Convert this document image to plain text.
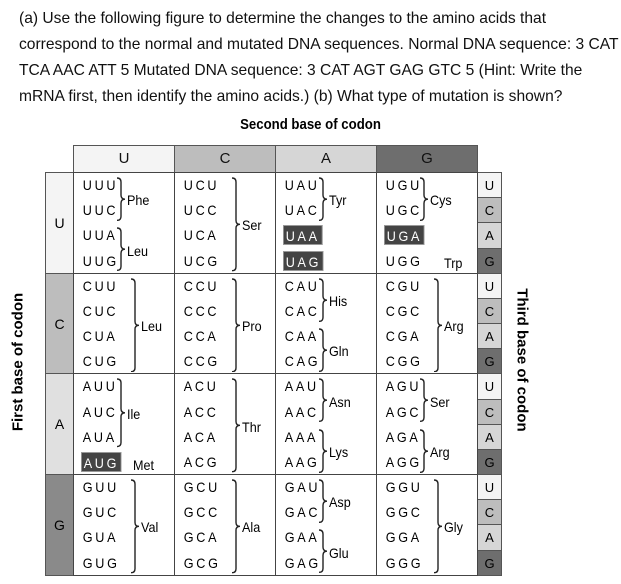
(a) Use the following figure to determine the changes to the amino acids that correspond to the normal and mutated DNA sequences. Normal DNA sequence: 3 CAT TCA AAC ATT 5 Mutated DNA sequence: 3 CAT AGT GAG GTC 5 (Hint: Write the mRNA first, then identify the amino acids.) (b) What type of mutation is shown?
Second base of codon
First base of codon	Third base of codon
U
U
U
C
A
G
C
C
U
C
A
G
A
A
U
C
A
G
G
G
U
C
A
G
UUU
UUC
UUA
UUG
Phe
Leu
UCU
UCC
UCA
UCG
Ser
UAU
UAC
UAA
UAG
Tyr
UGU
UGC
UGA
UGG
Cys
Trp
CUU
CUC
CUA
CUG
Leu
CCU
CCC
CCA
CCG
Pro
CAU
CAC
CAA
CAG
His
Gln
CGU
CGC
CGA
CGG
Arg
AUU
AUC
AUA
AUG
Ile
Met
ACU
ACC
ACA
ACG
Thr
AAU
AAC
AAA
AAG
Asn
Lys
AGU
AGC
AGA
AGG
Ser
Arg
GUU
GUC
GUA
GUG
Val
GCU
GCC
GCA
GCG
Ala
GAU
GAC
GAA
GAG
Asp
Glu
GGU
GGC
GGA
GGG
Gly
